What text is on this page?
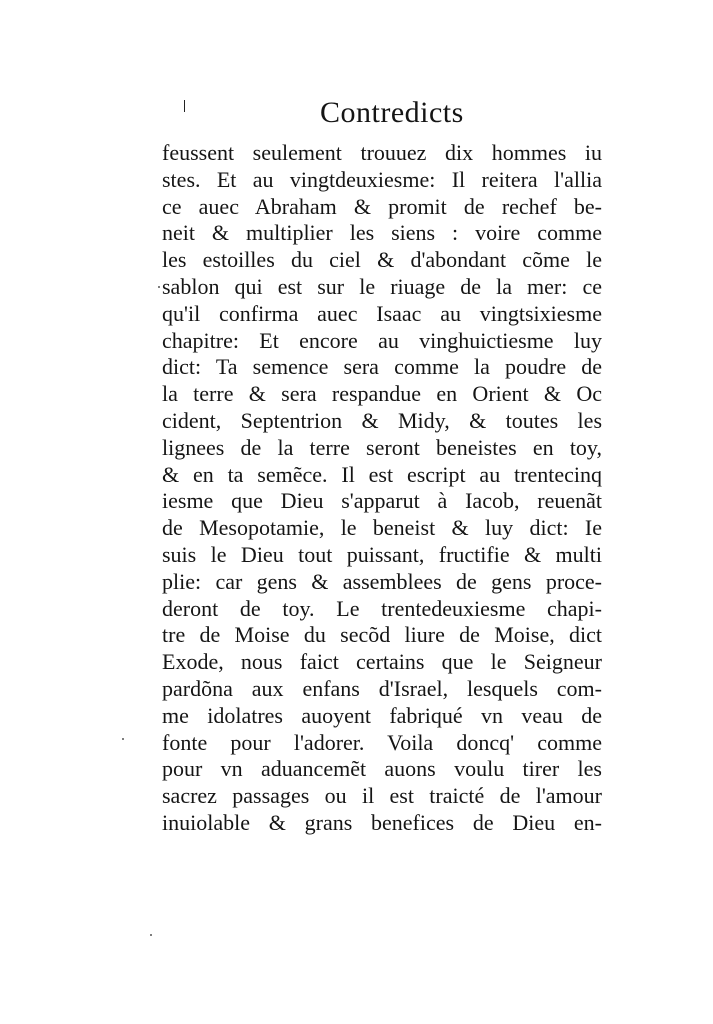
Contredicts
feussent seulement trouuez dix hommes iu
stes. Et au vingtdeuxiesme: Il reitera l'allia
ce auec Abraham & promit de rechef be-
neit & multiplier les siens : voire comme
les estoilles du ciel & d'abondant cõme le
sablon qui est sur le riuage de la mer: ce
qu'il confirma auec Isaac au vingtsixiesme
chapitre: Et encore au vinghuictiesme luy
dict: Ta semence sera comme la poudre de
la terre & sera respandue en Orient & Oc
cident, Septentrion & Midy, & toutes les
lignees de la terre seront beneistes en toy,
& en ta semẽce. Il est escript au trentecinq
iesme que Dieu s'apparut à Iacob, reuenãt
de Mesopotamie, le beneist & luy dict: Ie
suis le Dieu tout puissant, fructifie & multi
plie: car gens & assemblees de gens proce-
deront de toy. Le trentedeuxiesme chapi-
tre de Moise du secõd liure de Moise, dict
Exode, nous faict certains que le Seigneur
pardõna aux enfans d'Israel, lesquels com-
me idolatres auoyent fabriqué vn veau de
fonte pour l'adorer. Voila doncq' comme
pour vn aduancemẽt auons voulu tirer les
sacrez passages ou il est traicté de l'amour
inuiolable & grans benefices de Dieu en-
